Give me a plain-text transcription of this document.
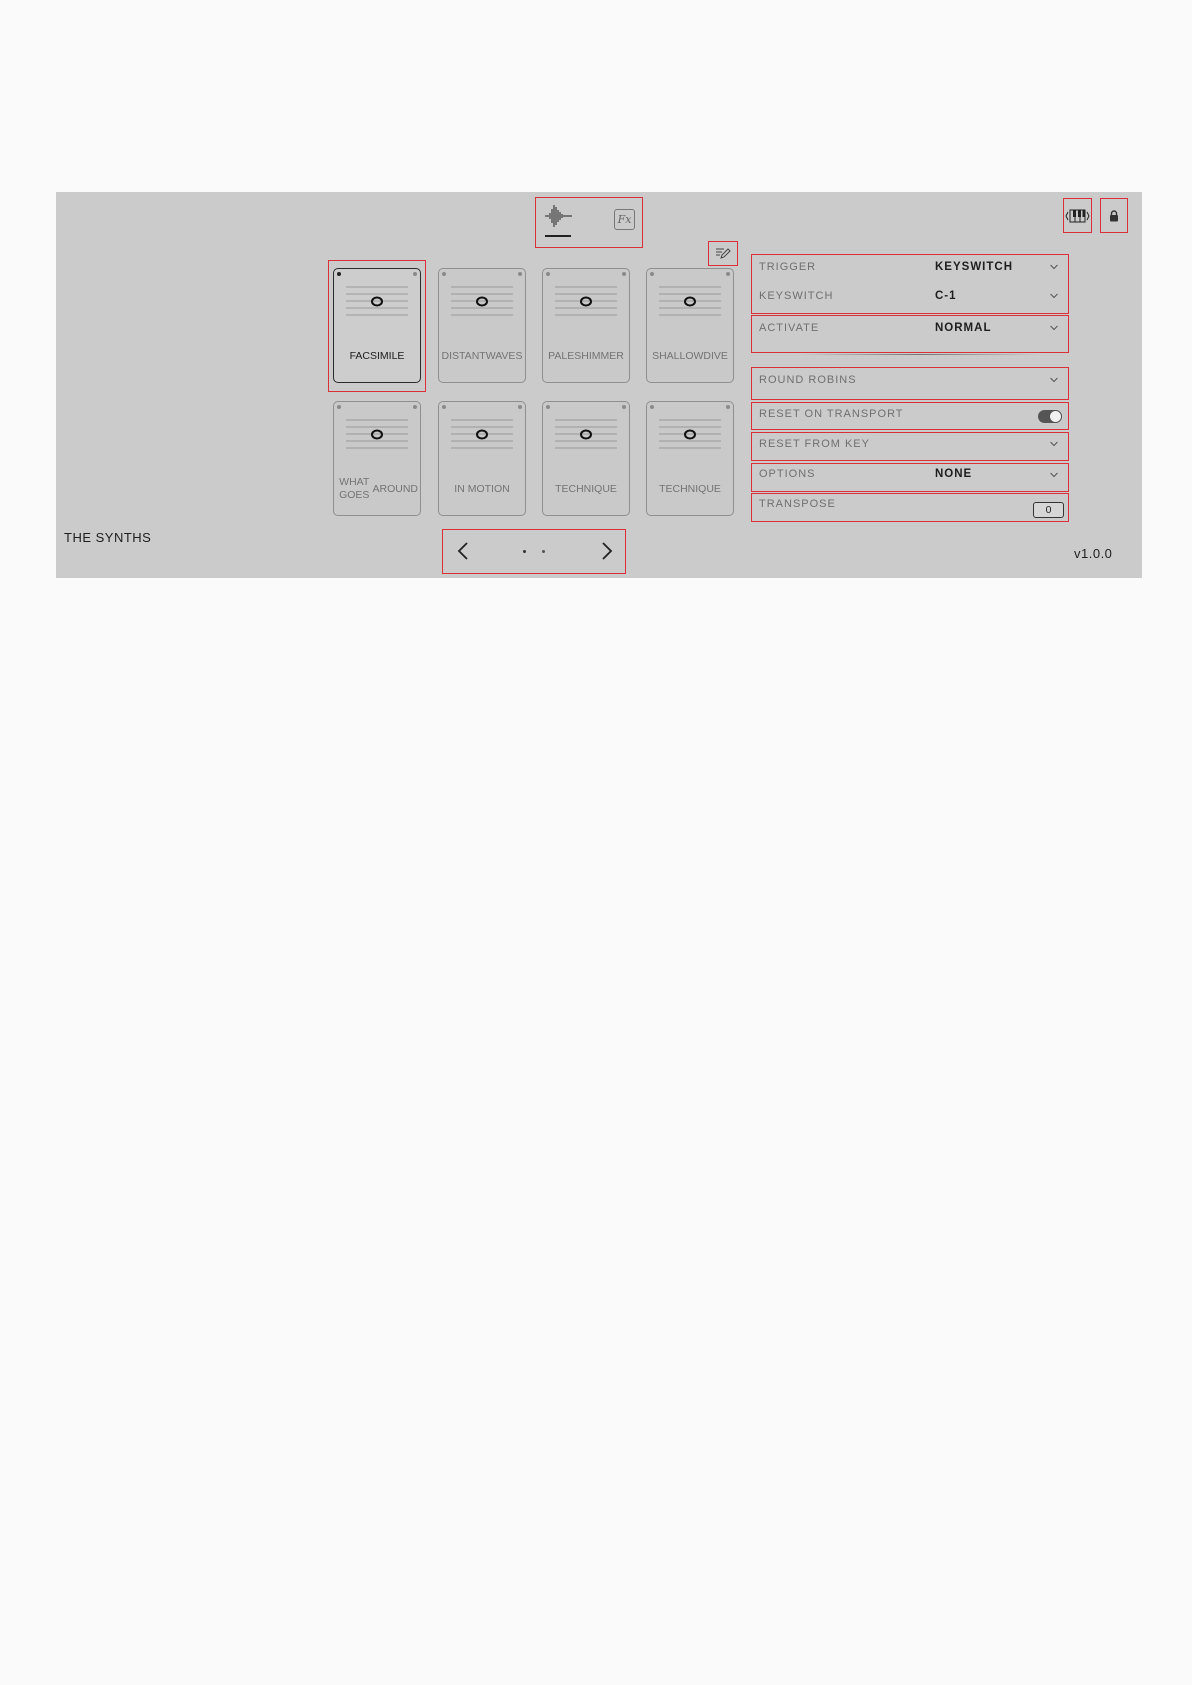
Fx
FACSIMILE	DISTANT WAVES PALE SHIMMER	SHALLOW DIVE
WHAT GOES

AROUND	IN MOTION	TECHNIQUE	TECHNIQUE
THE SYNTHS
v1.0.0
TRIGGER	KEYSWITCH
KEYSWITCH	C-1
ACTIVATE	NORMAL
ROUND ROBINS
RESET ON TRANSPORT
RESET FROM KEY
OPTIONS	NONE
TRANSPOSE	0
